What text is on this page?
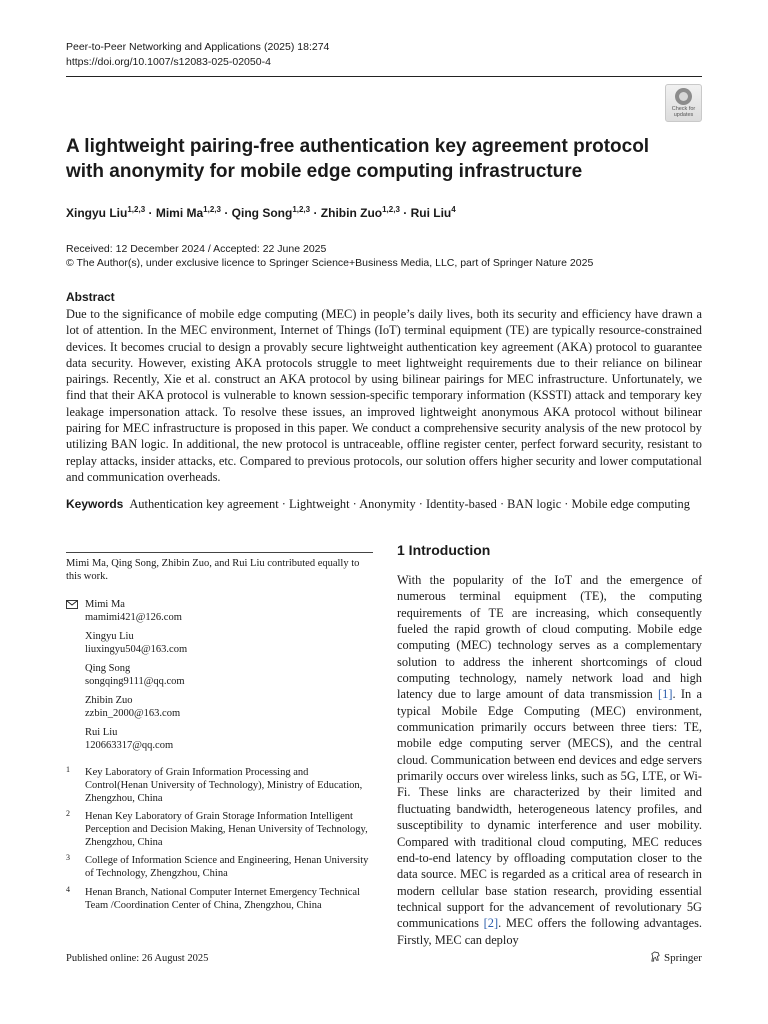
Peer-to-Peer Networking and Applications (2025) 18:274
https://doi.org/10.1007/s12083-025-02050-4
Check for
updates
A lightweight pairing-free authentication key agreement protocol
with anonymity for mobile edge computing infrastructure
Xingyu Liu$^{1,2,3}$ · Mimi Ma$^{1,2,3}$ · Qing Song$^{1,2,3}$ · Zhibin Zuo$^{1,2,3}$ · Rui Liu$^4$
Received: 12 December 2024 / Accepted: 22 June 2025
© The Author(s), under exclusive licence to Springer Science+Business Media, LLC, part of Springer Nature 2025
Abstract
Due to the significance of mobile edge computing (MEC) in people’s daily lives, both its security and efficiency have drawn a lot of attention. In the MEC environment, Internet of Things (IoT) terminal equipment (TE) are typically resource-constrained devices. It becomes crucial to design a provably secure lightweight authentication key agreement (AKA) protocol to guarantee data security. However, existing AKA protocols struggle to meet lightweight requirements due to their reliance on bilinear pairings. Recently, Xie et al. construct an AKA protocol by using bilinear pairings for MEC infrastructure. Unfortunately, we find that their AKA protocol is vulnerable to known session-specific temporary information (KSSTI) attack and temporary key leakage impersonation attack. To resolve these issues, an improved lightweight anonymous AKA protocol without bilinear pairing for MEC infrastructure is proposed in this paper. We conduct a comprehensive security analysis of the new protocol by utilizing BAN logic. In additional, the new protocol is untraceable, offline register center, perfect forward security, resistant to replay attacks, insider attacks, etc. Compared to previous protocols, our solution offers higher security and lower computational and communication overheads.
Keywords Authentication key agreement · Lightweight · Anonymity · Identity-based · BAN logic · Mobile edge computing
Mimi Ma, Qing Song, Zhibin Zuo, and Rui Liu contributed equally to this work.
Mimi Ma
mamimi421@126.com
Xingyu Liu
liuxingyu504@163.com
Qing Song
songqing9111@qq.com
Zhibin Zuo
zzbin_2000@163.com
Rui Liu
120663317@qq.com
1 Key Laboratory of Grain Information Processing and Control(Henan University of Technology), Ministry of Education, Zhengzhou, China
2 Henan Key Laboratory of Grain Storage Information Intelligent Perception and Decision Making, Henan University of Technology, Zhengzhou, China
3 College of Information Science and Engineering, Henan University of Technology, Zhengzhou, China
4 Henan Branch, National Computer Internet Emergency Technical Team /Coordination Center of China, Zhengzhou, China
1 Introduction
With the popularity of the IoT and the emergence of numerous terminal equipment (TE), the computing requirements of TE are increasing, which consequently fueled the rapid growth of cloud computing. Mobile edge computing (MEC) technology serves as a complementary solution to address the inherent shortcomings of cloud computing technology, namely network load and high latency due to large amount of data transmission [1]. In a typical Mobile Edge Computing (MEC) environment, communication primarily occurs between three tiers: TE, mobile edge computing server (MECS), and the central cloud. Communication between end devices and edge servers primarily occurs over wireless links, such as 5G, LTE, or Wi-Fi. These links are characterized by their limited and fluctuating bandwidth, heterogeneous latency profiles, and susceptibility to dynamic interference and user mobility. Compared with traditional cloud computing, MEC reduces end-to-end latency by offloading computation closer to the data source. MEC is regarded as a critical area of research in modern cellular base station research, providing essential technical support for the advancement of revolutionary 5G communications [2]. MEC offers the following advantages. Firstly, MEC can deploy
Published online: 26 August 2025	Springer
